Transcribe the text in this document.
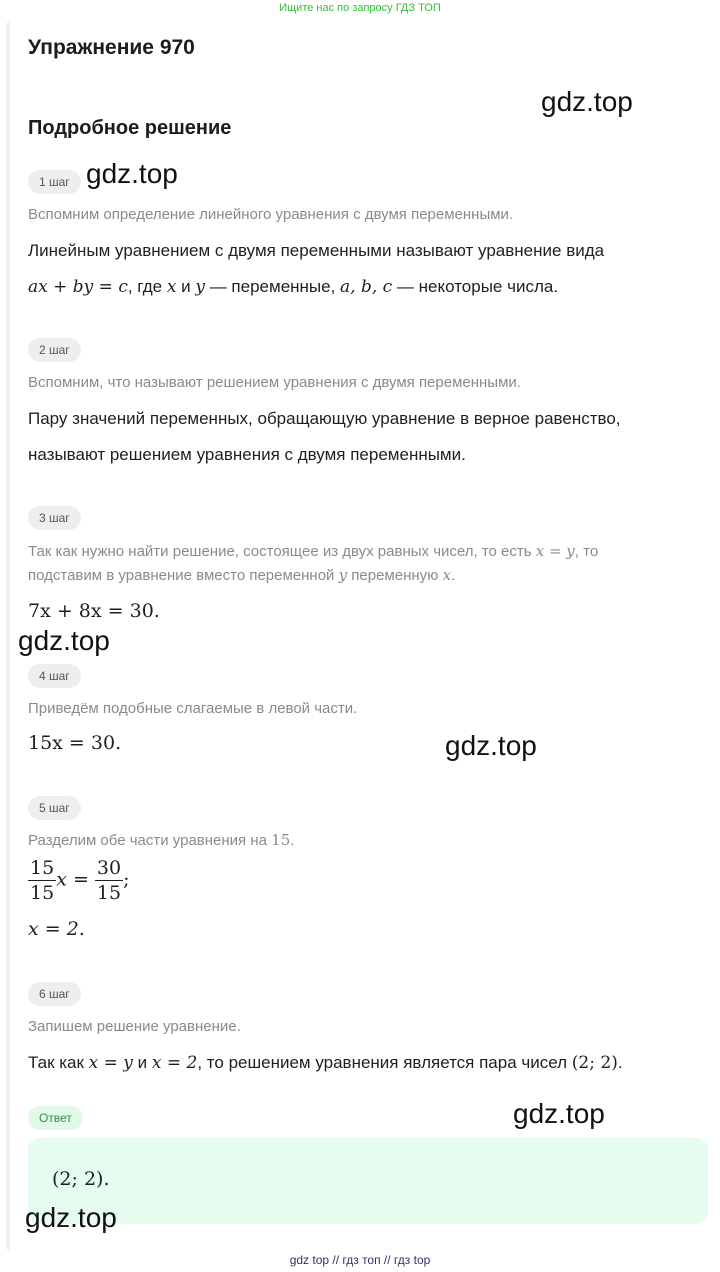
Ищите нас по запросу ГДЗ ТОП
Упражнение 970
Подробное решение
1 шаг
Вспомним определение линейного уравнения с двумя переменными.
Линейным уравнением с двумя переменными называют уравнение вида
ax + by = c, где x и y — переменные, a, b, c — некоторые числа.
2 шаг
Вспомним, что называют решением уравнения с двумя переменными.
Пару значений переменных, обращающую уравнение в верное равенство,
называют решением уравнения с двумя переменными.
3 шаг
Так как нужно найти решение, состоящее из двух равных чисел, то есть x = y, то
подставим в уравнение вместо переменной y переменную x.
7x + 8x = 30.
4 шаг
Приведём подобные слагаемые в левой части.
15x = 30.
5 шаг
Разделим обе части уравнения на 15.
$\frac{15}{15}$ $x = \frac{30}{15}$ ;
x = 2.
6 шаг
Запишем решение уравнение.
Так как x = y и x = 2, то решением уравнения является пара чисел (2; 2).
Ответ
(2; 2).
gdz.top
gdz.top
gdz.top
gdz.top
gdz.top
gdz.top
gdz top // гдз топ // гдз top
